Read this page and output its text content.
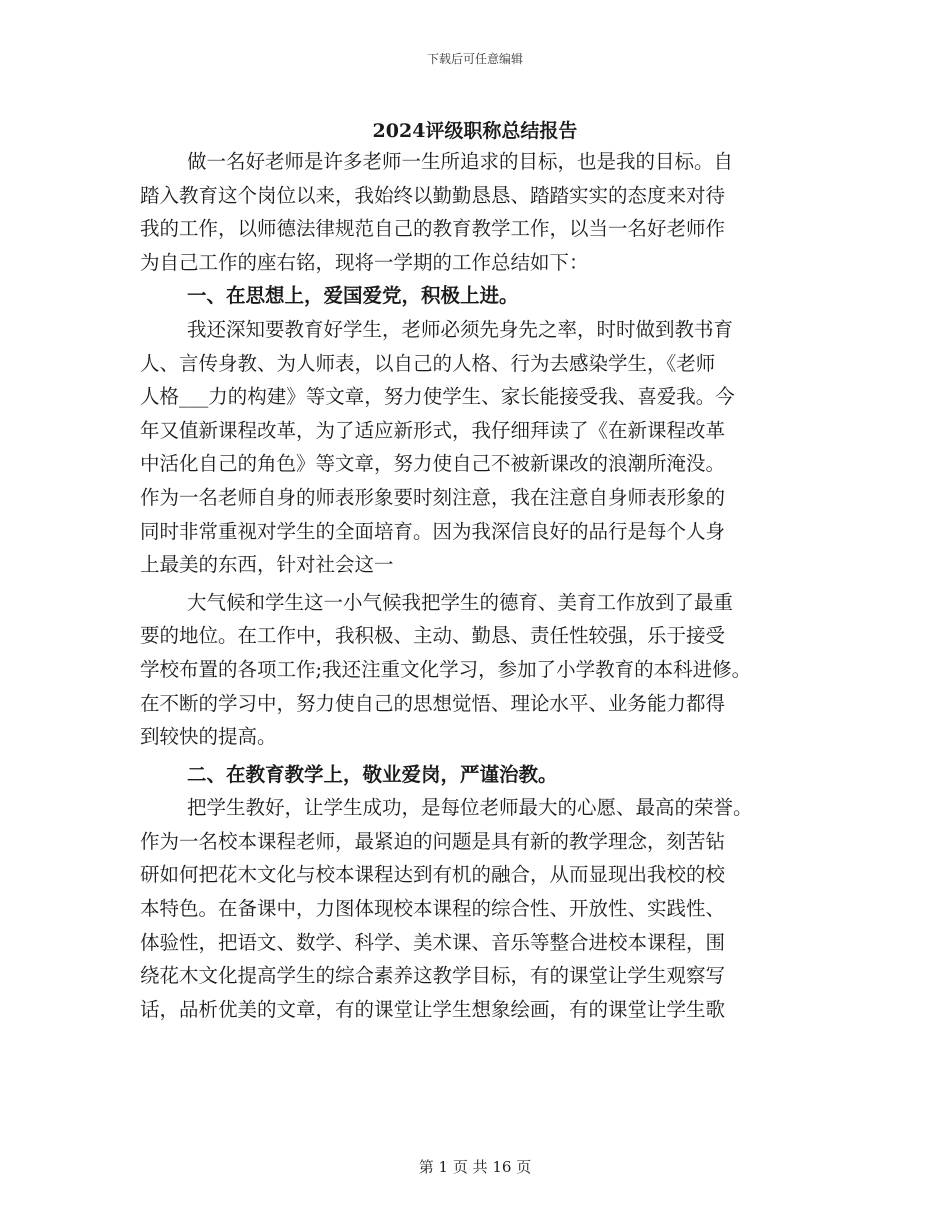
下载后可任意编辑
2024评级职称总结报告
做一名好老师是许多老师一生所追求的目标，也是我的目标。自
踏入教育这个岗位以来，我始终以勤勤恳恳、踏踏实实的态度来对待
我的工作，以师德法律规范自己的教育教学工作，以当一名好老师作
为自己工作的座右铭，现将一学期的工作总结如下：
一、在思想上，爱国爱党，积极上进。
我还深知要教育好学生，老师必须先身先之率，时时做到教书育
人、言传身教、为人师表，以自己的人格、行为去感染学生，《老师
人格___力的构建》等文章，努力使学生、家长能接受我、喜爱我。今
年又值新课程改革，为了适应新形式，我仔细拜读了《在新课程改革
中活化自己的角色》等文章，努力使自己不被新课改的浪潮所淹没。
作为一名老师自身的师表形象要时刻注意，我在注意自身师表形象的
同时非常重视对学生的全面培育。因为我深信良好的品行是每个人身
上最美的东西，针对社会这一
大气候和学生这一小气候我把学生的德育、美育工作放到了最重
要的地位。在工作中，我积极、主动、勤恳、责任性较强，乐于接受
学校布置的各项工作;我还注重文化学习，参加了小学教育的本科进修。
在不断的学习中，努力使自己的思想觉悟、理论水平、业务能力都得
到较快的提高。
二、在教育教学上，敬业爱岗，严谨治教。
把学生教好，让学生成功，是每位老师最大的心愿、最高的荣誉。
作为一名校本课程老师，最紧迫的问题是具有新的教学理念，刻苦钻
研如何把花木文化与校本课程达到有机的融合，从而显现出我校的校
本特色。在备课中，力图体现校本课程的综合性、开放性、实践性、
体验性，把语文、数学、科学、美术课、音乐等整合进校本课程，围
绕花木文化提高学生的综合素养这教学目标，有的课堂让学生观察写
话，品析优美的文章，有的课堂让学生想象绘画，有的课堂让学生歌
第 1 页 共 16 页
